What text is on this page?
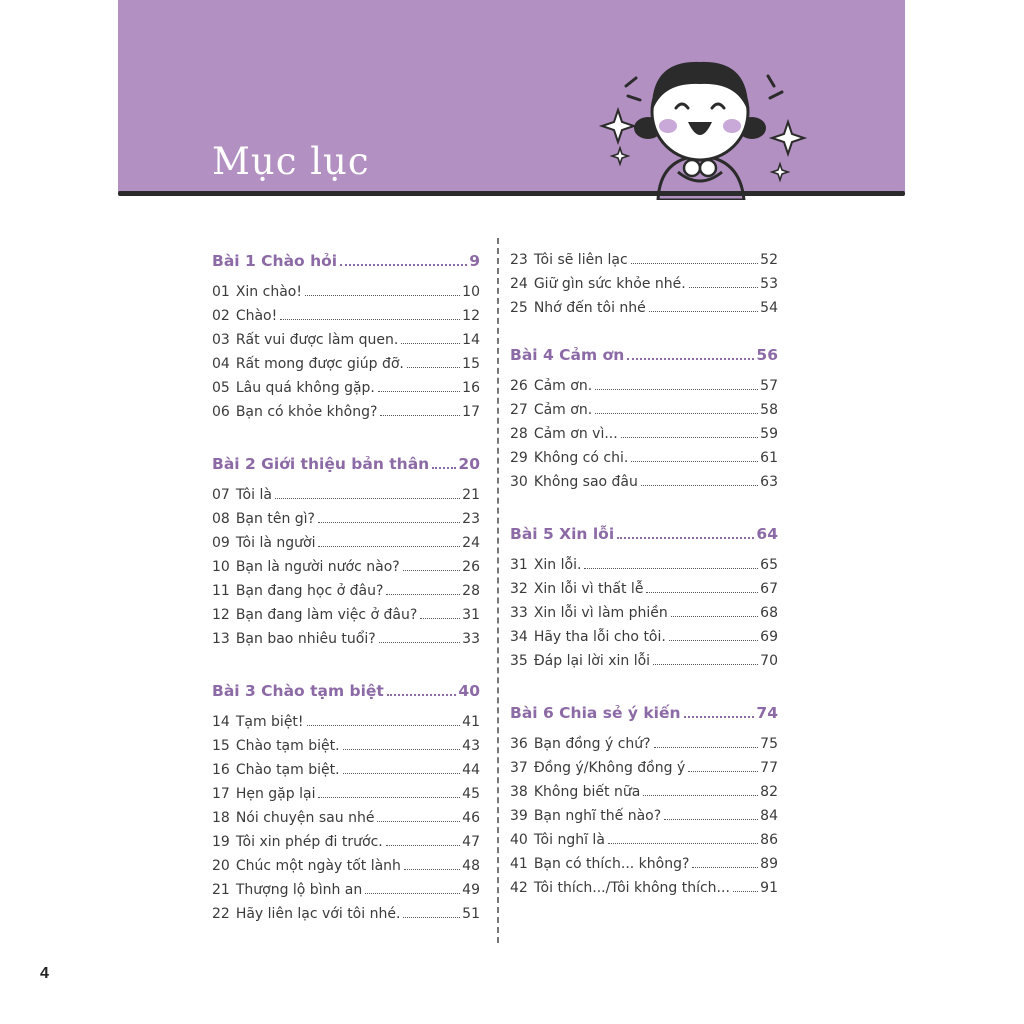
Mục lục
Bài 1 Chào hỏi	9
01 Xin chào!	10
02 Chào!	12
03 Rất vui được làm quen.	14
04 Rất mong được giúp đỡ.	15
05 Lâu quá không gặp.	16
06 Bạn có khỏe không?	17
Bài 2 Giới thiệu bản thân 20
07 Tôi là	21
08 Bạn tên gì?	23
09 Tôi là người	24
10 Bạn là người nước nào?	26
11 Bạn đang học ở đâu?	28
12 Bạn đang làm việc ở đâu?	31
13 Bạn bao nhiêu tuổi?	33
Bài 3 Chào tạm biệt	40
14 Tạm biệt!	41
15 Chào tạm biệt.	43
16 Chào tạm biệt.	44
17 Hẹn gặp lại	45
18 Nói chuyện sau nhé	46
19 Tôi xin phép đi trước.	47
20 Chúc một ngày tốt lành	48
21 Thượng lộ bình an	49
22 Hãy liên lạc với tôi nhé.	51
23 Tôi sẽ liên lạc	52
24 Giữ gìn sức khỏe nhé.	53
25 Nhớ đến tôi nhé	54
Bài 4 Cảm ơn	56
26 Cảm ơn.	57
27 Cảm ơn.	58
28 Cảm ơn vì...	59
29 Không có chi.	61
30 Không sao đâu	63
Bài 5 Xin lỗi	64
31 Xin lỗi.	65
32 Xin lỗi vì thất lễ	67
33 Xin lỗi vì làm phiền	68
34 Hãy tha lỗi cho tôi.	69
35 Đáp lại lời xin lỗi	70
Bài 6 Chia sẻ ý kiến	74
36 Bạn đồng ý chứ?	75
37 Đồng ý/Không đồng ý	77
38 Không biết nữa	82
39 Bạn nghĩ thế nào?	84
40 Tôi nghĩ là	86
41 Bạn có thích... không?	89
42 Tôi thích.../Tôi không thích... 91
4
